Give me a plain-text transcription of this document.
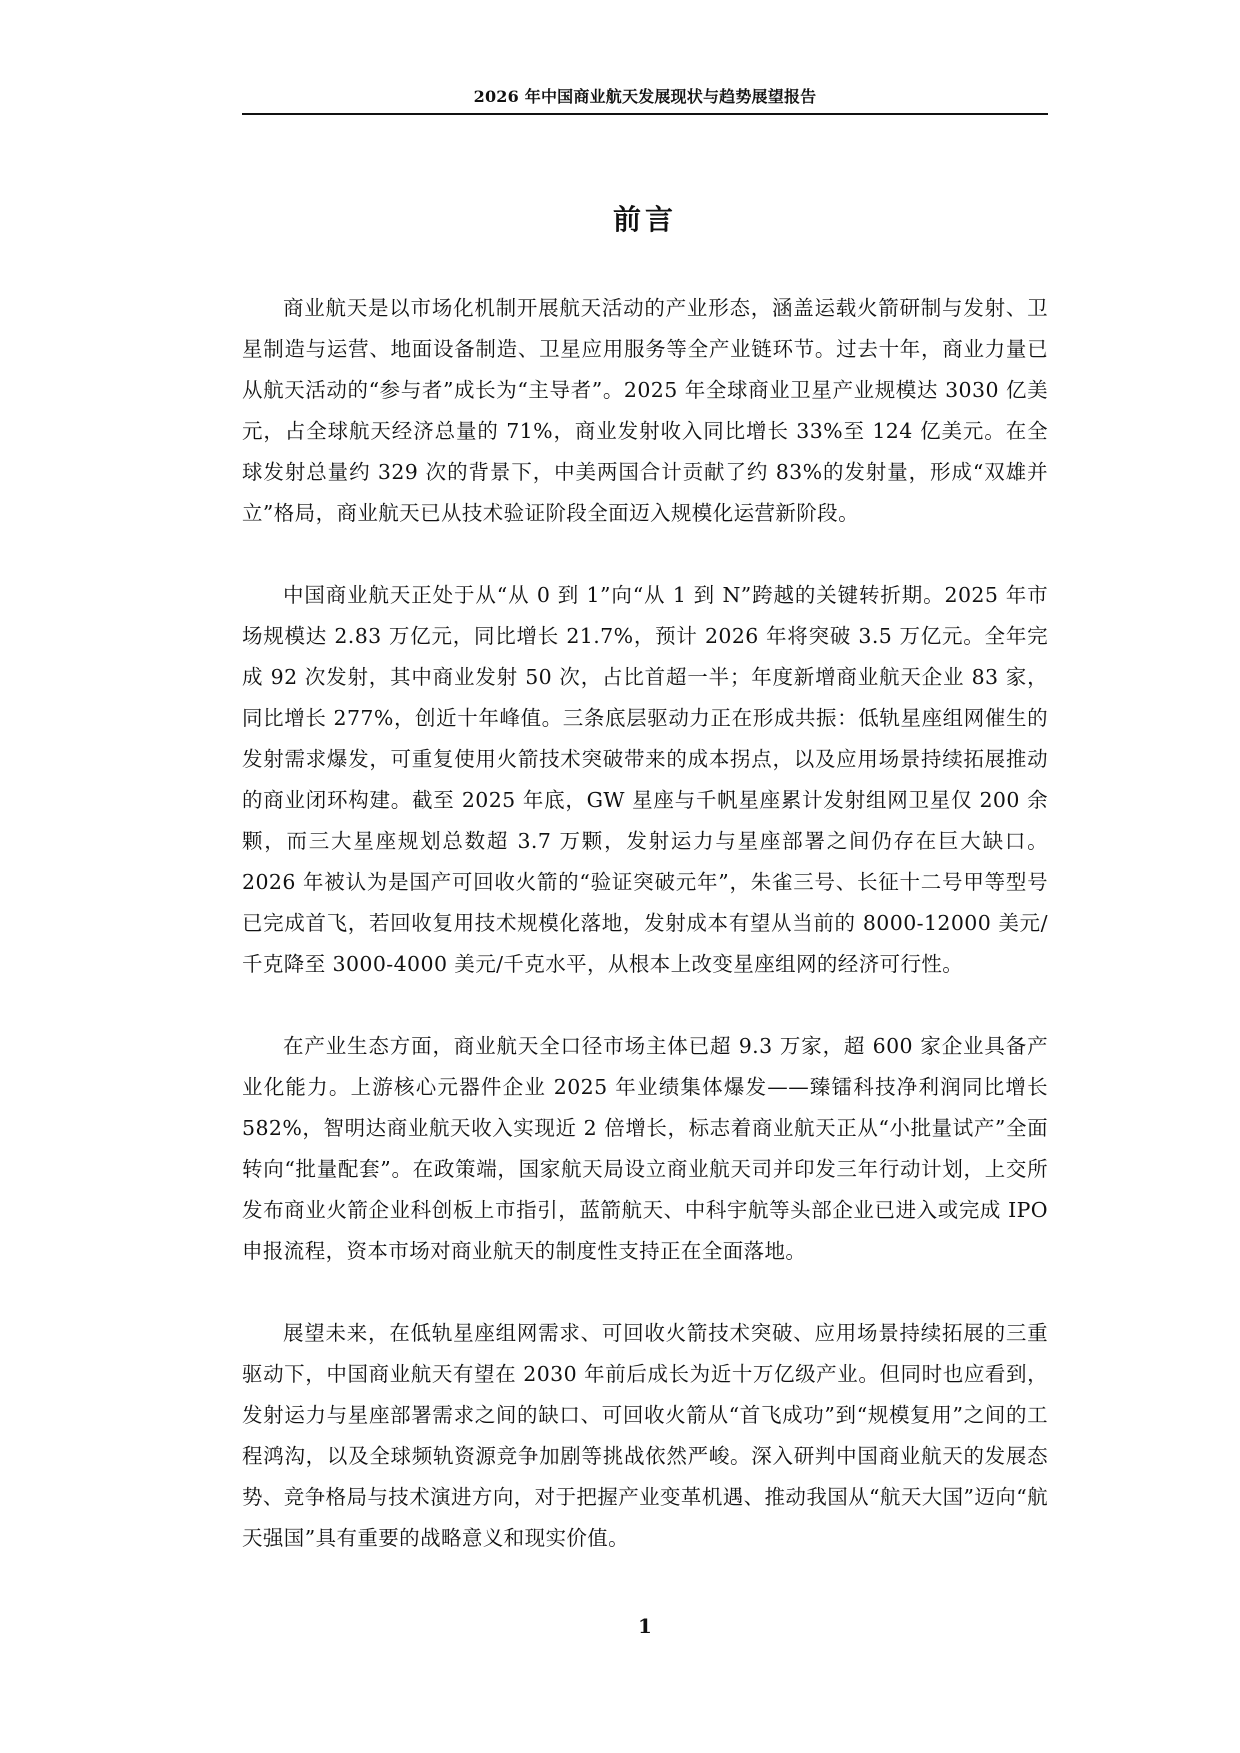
2026 年中国商业航天发展现状与趋势展望报告
前言

商业航天是以市场化机制开展航天活动的产业形态，涵盖运载火箭研制与发射、卫星制造与运营、地面设备制造、卫星应用服务等全产业链环节。过去十年，商业力量已从航天活动的“参与者”成长为“主导者”。2025 年全球商业卫星产业规模达 3030 亿美元，占全球航天经济总量的 71%，商业发射收入同比增长 33%至 124 亿美元。在全球发射总量约 329 次的背景下，中美两国合计贡献了约 83%的发射量，形成“双雄并立”格局，商业航天已从技术验证阶段全面迈入规模化运营新阶段。

中国商业航天正处于从“从 0 到 1”向“从 1 到 N”跨越的关键转折期。2025 年市场规模达 2.83 万亿元，同比增长 21.7%，预计 2026 年将突破 3.5 万亿元。全年完成 92 次发射，其中商业发射 50 次，占比首超一半；年度新增商业航天企业 83 家，同比增长 277%，创近十年峰值。三条底层驱动力正在形成共振：低轨星座组网催生的发射需求爆发，可重复使用火箭技术突破带来的成本拐点，以及应用场景持续拓展推动的商业闭环构建。截至 2025 年底，GW 星座与千帆星座累计发射组网卫星仅 200 余颗，而三大星座规划总数超 3.7 万颗，发射运力与星座部署之间仍存在巨大缺口。2026 年被认为是国产可回收火箭的“验证突破元年”，朱雀三号、长征十二号甲等型号已完成首飞，若回收复用技术规模化落地，发射成本有望从当前的 8000-12000 美元/千克降至 3000-4000 美元/千克水平，从根本上改变星座组网的经济可行性。

在产业生态方面，商业航天全口径市场主体已超 9.3 万家，超 600 家企业具备产业化能力。上游核心元器件企业 2025 年业绩集体爆发——臻镭科技净利润同比增长 582%，智明达商业航天收入实现近 2 倍增长，标志着商业航天正从“小批量试产”全面转向“批量配套”。在政策端，国家航天局设立商业航天司并印发三年行动计划，上交所发布商业火箭企业科创板上市指引，蓝箭航天、中科宇航等头部企业已进入或完成 IPO 申报流程，资本市场对商业航天的制度性支持正在全面落地。

展望未来，在低轨星座组网需求、可回收火箭技术突破、应用场景持续拓展的三重驱动下，中国商业航天有望在 2030 年前后成长为近十万亿级产业。但同时也应看到，发射运力与星座部署需求之间的缺口、可回收火箭从“首飞成功”到“规模复用”之间的工程鸿沟，以及全球频轨资源竞争加剧等挑战依然严峻。深入研判中国商业航天的发展态势、竞争格局与技术演进方向，对于把握产业变革机遇、推动我国从“航天大国”迈向“航天强国”具有重要的战略意义和现实价值。

1
